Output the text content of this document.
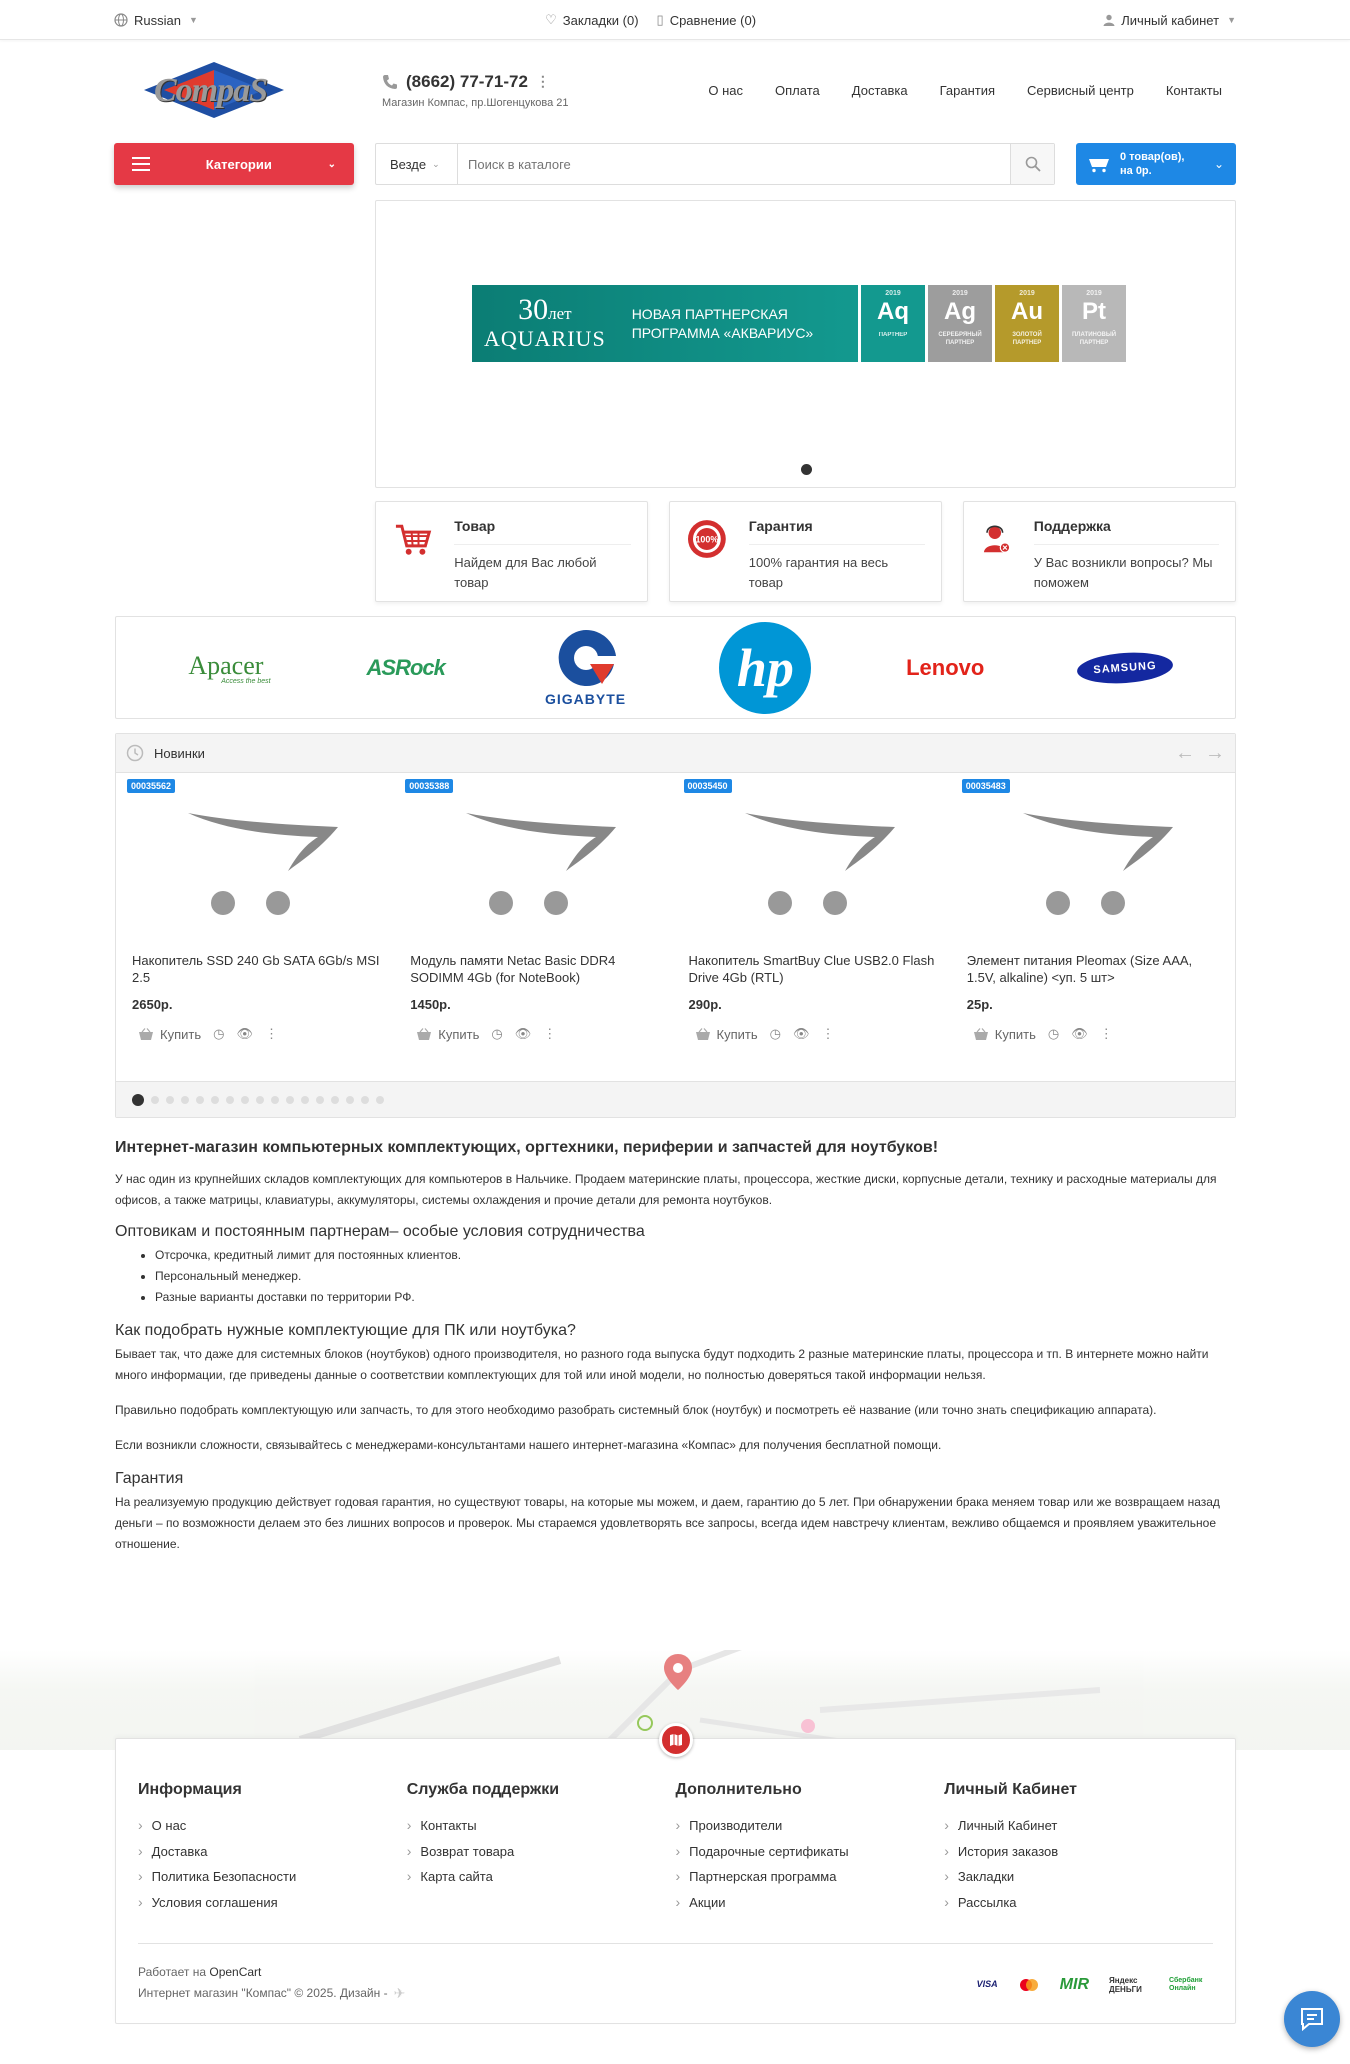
Russian ▼	♡ Закладки (0) ▯ Сравнение (0)	Личный кабинет ▼
CompaS	(8662) 77-71-72 ⋮
Магазин Компас, пр.Шогенцукова 21
О нас Оплата Доставка Гарантия Сервисный центр Контакты
Категории	⌄	Везде ⌄
Поиск в каталоге
0 товар(ов),
на 0р.	⌄
30лет
AQUARIUS
НОВАЯ ПАРТНЕРСКАЯ
ПРОГРАММА «АКВАРИУС»
2019
Aq
ПАРТНЕР
2019
Ag
СЕРЕБРЯНЫЙ ПАРТНЕР
2019
Au
ЗОЛОТОЙ ПАРТНЕР
2019
Pt
ПЛАТИНОВЫЙ ПАРТНЕР
Товар

Найдем для Вас любой товар

100%
Гарантия

100% гарантия на весь товар

Поддержка

У Вас возникли вопросы? Мы поможем

Apacer
Access the best
ASRock
GIGABYTE
hp	Lenovo	SAMSUNG
Новинки	← →
00035562
Накопитель SSD 240 Gb SATA 6Gb/s MSI 2.5
2650р.
Купить ◷ 👁 ⋮
00035388
Модуль памяти Netac Basic DDR4 SODIMM 4Gb (for NoteBook)
1450р.
Купить ◷ 👁 ⋮
00035450
Накопитель SmartBuy Clue USB2.0 Flash Drive 4Gb (RTL)
290р.
Купить ◷ 👁 ⋮
00035483
Элемент питания Pleomax (Size AAA, 1.5V, alkaline) <уп. 5 шт>
25р.
Купить ◷ 👁 ⋮
Интернет-магазин компьютерных комплектующих, оргтехники, периферии и запчастей для ноутбуков!

У нас один из крупнейших складов комплектующих для компьютеров в Нальчике. Продаем материнские платы, процессора, жесткие диски, корпусные детали, технику и расходные материалы для офисов, а также матрицы, клавиатуры, аккумуляторы, системы охлаждения и прочие детали для ремонта ноутбуков.

Оптовикам и постоянным партнерам– особые условия сотрудничества
• Отсрочка, кредитный лимит для постоянных клиентов.
• Персональный менеджер.
• Разные варианты доставки по территории РФ.
Как подобрать нужные комплектующие для ПК или ноутбука?

Бывает так, что даже для системных блоков (ноутбуков) одного производителя, но разного года выпуска будут подходить 2 разные материнские платы, процессора и тп. В интернете можно найти много информации, где приведены данные о соответствии комплектующих для той или иной модели, но полностью доверяться такой информации нельзя.

Правильно подобрать комплектующую или запчасть, то для этого необходимо разобрать системный блок (ноутбук) и посмотреть её название (или точно знать спецификацию аппарата).

Если возникли сложности, связывайтесь с менеджерами-консультантами нашего интернет-магазина «Компас» для получения бесплатной помощи.

Гарантия

На реализуемую продукцию действует годовая гарантия, но существуют товары, на которые мы можем, и даем, гарантию до 5 лет. При обнаружении брака меняем товар или же возвращаем назад деньги – по возможности делаем это без лишних вопросов и проверок. Мы стараемся удовлетворять все запросы, всегда идем навстречу клиентам, вежливо общаемся и проявляем уважительное отношение.

Информация
› О нас
› Доставка
› Политика Безопасности
› Условия соглашения
Служба поддержки
› Контакты
› Возврат товара
› Карта сайта
Дополнительно
› Производители
› Подарочные сертификаты
› Партнерская программа
› Акции
Личный Кабинет
› Личный Кабинет
› История заказов
› Закладки
› Рассылка
Работает на OpenCart
Интернет магазин "Компас" © 2025. Дизайн - ✈
VISA	MIR	Яндекс ДЕНЬГИ
Сбербанк Онлайн
